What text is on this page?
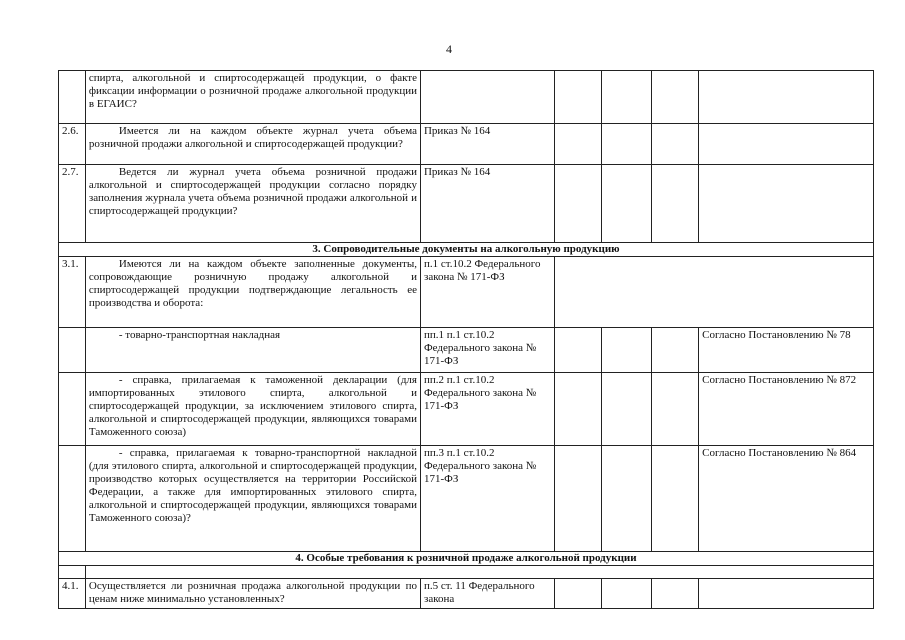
4
	спирта, алкогольной и спиртосодержащей продукции, о факте фиксации информации о розничной продаже алкогольной продукции в ЕГАИС?					
2.6.	Имеется ли на каждом объекте журнал учета объема розничной продажи алкогольной и спиртосодержащей продукции?	Приказ № 164				
2.7.	Ведется ли журнал учета объема розничной продажи алкогольной и спиртосодержащей продукции согласно порядку заполнения журнала учета объема розничной продажи алкогольной и спиртосодержащей продукции?	Приказ № 164				
3. Сопроводительные документы на алкогольную продукцию						
3.1.	Имеются ли на каждом объекте заполненные документы, сопровождающие розничную продажу алкогольной и спиртосодержащей продукции подтверждающие легальность ее производства и оборота:	п.1 ст.10.2 Федерального закона № 171-ФЗ				
	- товарно-транспортная накладная	пп.1 п.1 ст.10.2 Федерального закона № 171-ФЗ				Согласно Постановлению № 78
	- справка, прилагаемая к таможенной декларации (для импортированных этилового спирта, алкогольной и спиртосодержащей продукции, за исключением этилового спирта, алкогольной и спиртосодержащей продукции, являющихся товарами Таможенного союза)	пп.2 п.1 ст.10.2 Федерального закона № 171-ФЗ				Согласно Постановлению № 872
	- справка, прилагаемая к товарно-транспортной накладной (для этилового спирта, алкогольной и спиртосодержащей продукции, производство которых осуществляется на территории Российской Федерации, а также для импортированных этилового спирта, алкогольной и спиртосодержащей продукции, являющихся товарами Таможенного союза)?	пп.3 п.1 ст.10.2 Федерального закона № 171-ФЗ				Согласно Постановлению № 864
4. Особые требования к розничной продаже алкогольной продукции						

4.1.	Осуществляется ли розничная продажа алкогольной продукции по ценам ниже минимально установленных?	п.5 ст. 11 Федерального закона				
